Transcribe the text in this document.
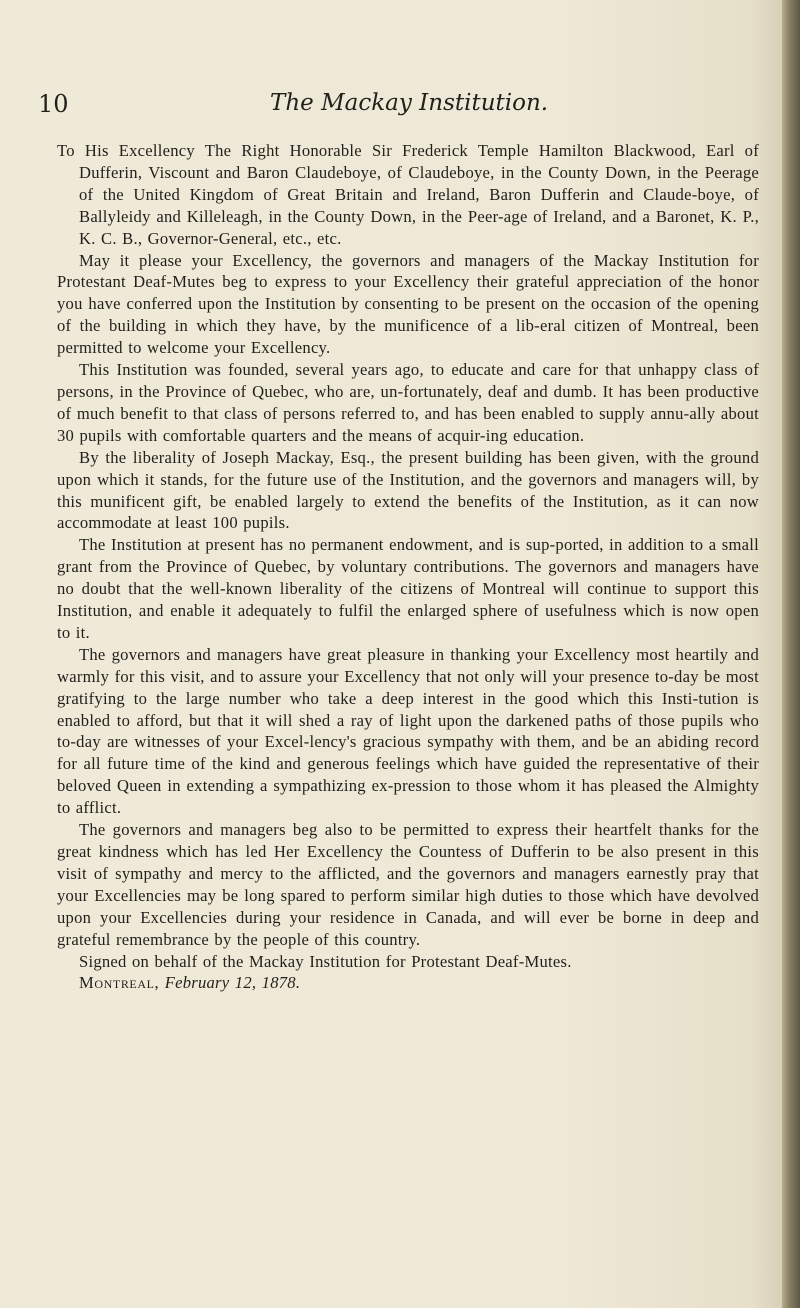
10	The Mackay Institution.

To His Excellency The Right Honorable Sir Frederick Temple Hamilton Blackwood, Earl of Dufferin, Viscount and Baron Claudeboye, of Claudeboye, in the County Down, in the Peerage of the United Kingdom of Great Britain and Ireland, Baron Dufferin and Claude-boye, of Ballyleidy and Killeleagh, in the County Down, in the Peer-age of Ireland, and a Baronet, K. P., K. C. B., Governor-General, etc., etc.

May it please your Excellency, the governors and managers of the Mackay Institution for Protestant Deaf-Mutes beg to express to your Excellency their grateful appreciation of the honor you have conferred upon the Institution by consenting to be present on the occasion of the opening of the building in which they have, by the munificence of a lib-eral citizen of Montreal, been permitted to welcome your Excellency.

This Institution was founded, several years ago, to educate and care for that unhappy class of persons, in the Province of Quebec, who are, un-fortunately, deaf and dumb. It has been productive of much benefit to that class of persons referred to, and has been enabled to supply annu-ally about 30 pupils with comfortable quarters and the means of acquir-ing education.

By the liberality of Joseph Mackay, Esq., the present building has been given, with the ground upon which it stands, for the future use of the Institution, and the governors and managers will, by this munificent gift, be enabled largely to extend the benefits of the Institution, as it can now accommodate at least 100 pupils.

The Institution at present has no permanent endowment, and is sup-ported, in addition to a small grant from the Province of Quebec, by voluntary contributions. The governors and managers have no doubt that the well-known liberality of the citizens of Montreal will continue to support this Institution, and enable it adequately to fulfil the enlarged sphere of usefulness which is now open to it.

The governors and managers have great pleasure in thanking your Excellency most heartily and warmly for this visit, and to assure your Excellency that not only will your presence to-day be most gratifying to the large number who take a deep interest in the good which this Insti-tution is enabled to afford, but that it will shed a ray of light upon the darkened paths of those pupils who to-day are witnesses of your Excel-lency's gracious sympathy with them, and be an abiding record for all future time of the kind and generous feelings which have guided the representative of their beloved Queen in extending a sympathizing ex-pression to those whom it has pleased the Almighty to afflict.

The governors and managers beg also to be permitted to express their heartfelt thanks for the great kindness which has led Her Excellency the Countess of Dufferin to be also present in this visit of sympathy and mercy to the afflicted, and the governors and managers earnestly pray that your Excellencies may be long spared to perform similar high duties to those which have devolved upon your Excellencies during your residence in Canada, and will ever be borne in deep and grateful remembrance by the people of this country.

Signed on behalf of the Mackay Institution for Protestant Deaf-Mutes.

Montreal, February 12, 1878.
